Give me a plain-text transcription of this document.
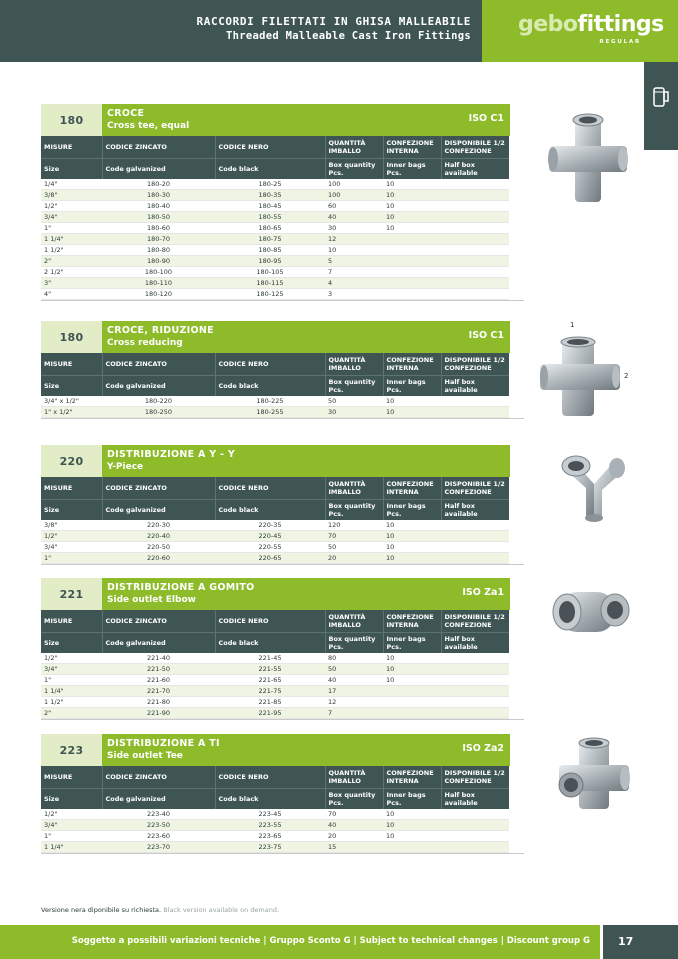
RACCORDI FILETTATI IN GHISA MALLEABILE
Threaded Malleable Cast Iron Fittings gebofittings
REGULAR
180	CROCE
Cross tee, equal
ISO C1
MISURE	CODICE ZINCATO	CODICE NERO	QUANTITÀ IMBALLO	CONFEZIONE INTERNA	DISPONIBILE 1/2 CONFEZIONE
Size	Code galvanized	Code black	Box quantity Pcs.	Inner bags Pcs.	Half box available
1/4"	180-20	180-25	100	10	
3/8"	180-30	180-35	100	10	
1/2"	180-40	180-45	60	10	
3/4"	180-50	180-55	40	10	
1"	180-60	180-65	30	10	
1 1/4"	180-70	180-75	12		
1 1/2"	180-80	180-85	10		
2"	180-90	180-95	5		
2 1/2"	180-100	180-105	7		
3"	180-110	180-115	4		
4"	180-120	180-125	3		
180	CROCE, RIDUZIONE
Cross reducing
ISO C1
MISURE	CODICE ZINCATO	CODICE NERO	QUANTITÀ IMBALLO	CONFEZIONE INTERNA	DISPONIBILE 1/2 CONFEZIONE
Size	Code galvanized	Code black	Box quantity Pcs.	Inner bags Pcs.	Half box available
3/4" x 1/2"	180-220	180-225	50	10	
1" x 1/2"	180-250	180-255	30	10	
220	DISTRIBUZIONE A Y - Y
Y-Piece
MISURE	CODICE ZINCATO	CODICE NERO	QUANTITÀ IMBALLO	CONFEZIONE INTERNA	DISPONIBILE 1/2 CONFEZIONE
Size	Code galvanized	Code black	Box quantity Pcs.	Inner bags Pcs.	Half box available
3/8"	220-30	220-35	120	10	
1/2"	220-40	220-45	70	10	
3/4"	220-50	220-55	50	10	
1"	220-60	220-65	20	10	
221	DISTRIBUZIONE A GOMITO
Side outlet Elbow
ISO Za1
MISURE	CODICE ZINCATO	CODICE NERO	QUANTITÀ IMBALLO	CONFEZIONE INTERNA	DISPONIBILE 1/2 CONFEZIONE
Size	Code galvanized	Code black	Box quantity Pcs.	Inner bags Pcs.	Half box available
1/2"	221-40	221-45	80	10	
3/4"	221-50	221-55	50	10	
1"	221-60	221-65	40	10	
1 1/4"	221-70	221-75	17		
1 1/2"	221-80	221-85	12		
2"	221-90	221-95	7		
223	DISTRIBUZIONE A TI
Side outlet Tee
ISO Za2
MISURE	CODICE ZINCATO	CODICE NERO	QUANTITÀ IMBALLO	CONFEZIONE INTERNA	DISPONIBILE 1/2 CONFEZIONE
Size	Code galvanized	Code black	Box quantity Pcs.	Inner bags Pcs.	Half box available
1/2"	223-40	223-45	70	10	
3/4"	223-50	223-55	40	10	
1"	223-60	223-65	20	10	
1 1/4"	223-70	223-75	15		
1
2
Versione nera diponibile su richiesta. Black version available on demand.
Soggetto a possibili variazioni tecniche | Gruppo Sconto G | Subject to technical changes | Discount group G	17
